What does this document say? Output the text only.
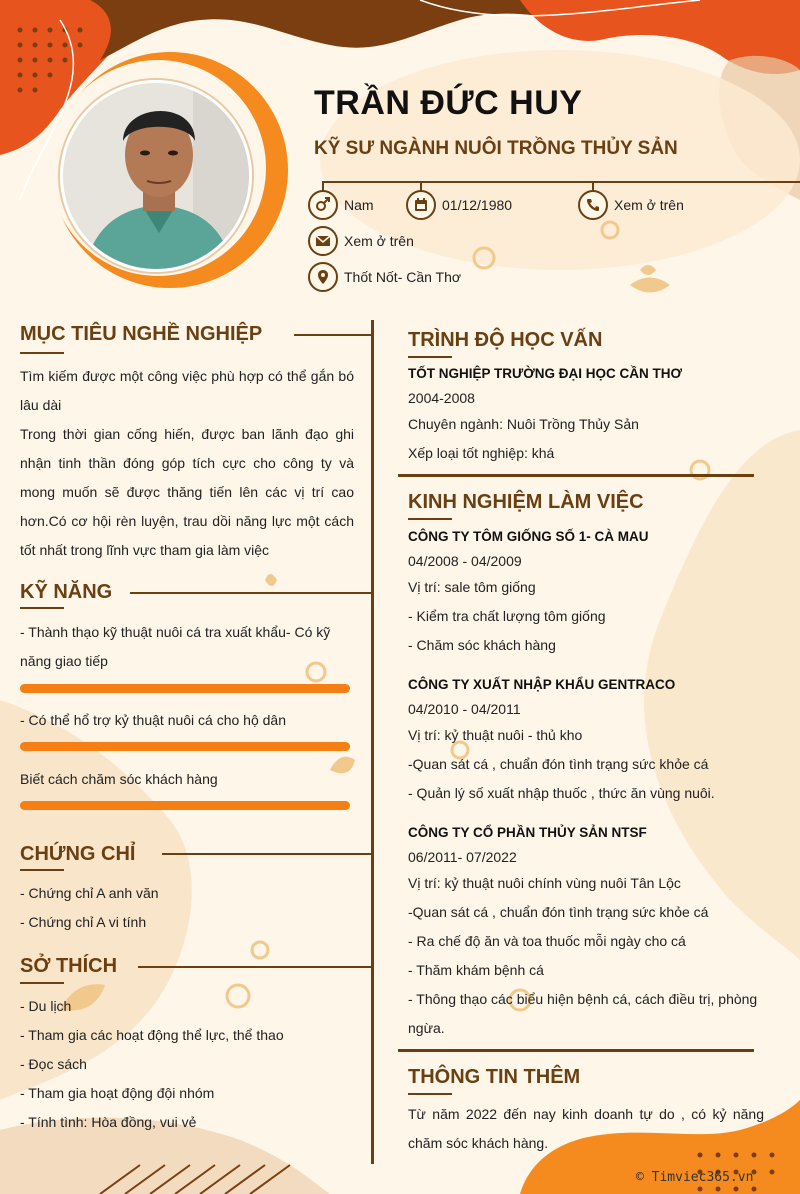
TRẦN ĐỨC HUY
KỸ SƯ NGÀNH NUÔI TRỒNG THỦY SẢN
Nam	01/12/1980	Xem ở trên
Xem ở trên
Thốt Nốt- Cần Thơ
MỤC TIÊU NGHỀ NGHIỆP
Tìm kiếm được một công việc phù hợp có thể gắn bó lâu dài
Trong thời gian cống hiến, được ban lãnh đạo ghi nhận tinh thần đóng góp tích cực cho công ty và mong muốn sẽ được thăng tiến lên các vị trí cao hơn.Có cơ hội rèn luyện, trau dồi năng lực một cách tốt nhất trong lĩnh vực tham gia làm việc
KỸ NĂNG
- Thành thạo kỹ thuật nuôi cá tra xuất khẩu- Có kỹ năng giao tiếp
- Có thể hổ trợ kỷ thuật nuôi cá cho hộ dân
Biết cách chăm sóc khách hàng
CHỨNG CHỈ
- Chứng chỉ A anh văn
- Chứng chỉ A vi tính
SỞ THÍCH
- Du lịch
- Tham gia các hoạt động thể lực, thể thao
- Đọc sách
- Tham gia hoạt động đội nhóm
- Tính tình: Hòa đồng, vui vẻ
TRÌNH ĐỘ HỌC VẤN
TỐT NGHIỆP TRƯỜNG ĐẠI HỌC CẦN THƠ
2004-2008
Chuyên ngành: Nuôi Trồng Thủy Sản
Xếp loại tốt nghiệp: khá
KINH NGHIỆM LÀM VIỆC
CÔNG TY TÔM GIỐNG SỐ 1- CÀ MAU
04/2008 - 04/2009
Vị trí: sale tôm giống
- Kiểm tra chất lượng tôm giống
- Chăm sóc khách hàng
CÔNG TY XUẤT NHẬP KHẨU GENTRACO
04/2010 - 04/2011
Vị trí: kỷ thuật nuôi - thủ kho
-Quan sát cá , chuẩn đón tình trạng sức khỏe cá
- Quản lý số xuất nhập thuốc , thức ăn vùng nuôi.
CÔNG TY CỔ PHẦN THỦY SẢN NTSF
06/2011- 07/2022
Vị trí: kỷ thuật nuôi chính vùng nuôi Tân Lộc
-Quan sát cá , chuẩn đón tình trạng sức khỏe cá
- Ra chế độ ăn và toa thuốc mỗi ngày cho cá
- Thăm khám bệnh cá
- Thông thạo các biểu hiện bệnh cá, cách điều trị, phòng ngừa.
THÔNG TIN THÊM
Từ năm 2022 đến nay kinh doanh tự do , có kỷ năng chăm sóc khách hàng.
© Timviec365.vn
